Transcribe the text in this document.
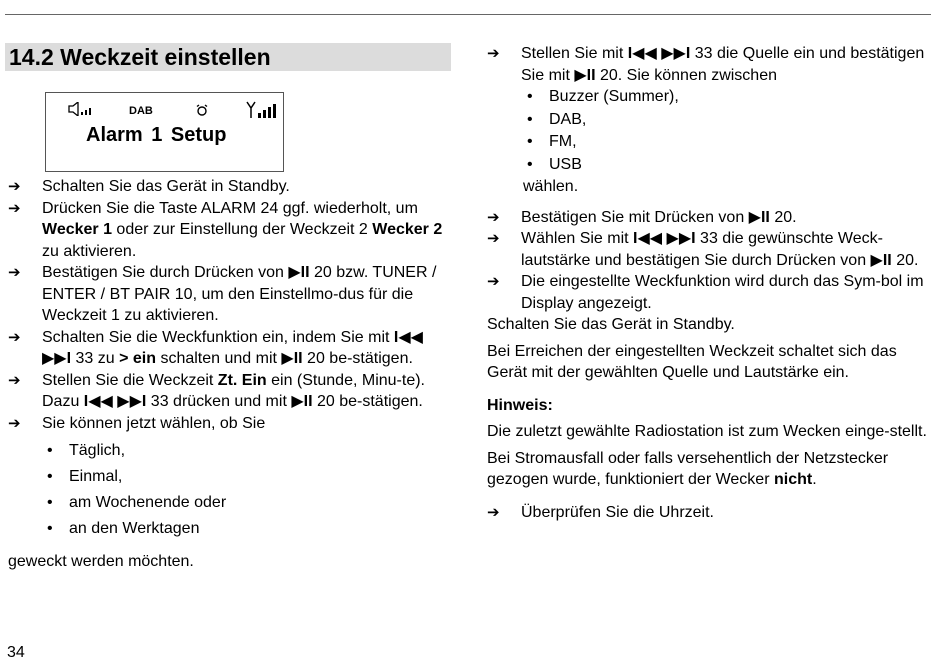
14.2 Weckzeit einstellen
DAB
Alarm 1 Setup
➔ Schalten Sie das Gerät in Standby.
➔ Drücken Sie die Taste ALARM 24 ggf. wiederholt, um Wecker 1 oder zur Einstellung der Weckzeit 2 Wecker 2 zu aktivieren.
➔ Bestätigen Sie durch Drücken von ▶II 20 bzw. TUNER / ENTER / BT PAIR 10, um den Einstellmo-dus für die Weckzeit 1 zu aktivieren.
➔ Schalten Sie die Weckfunktion ein, indem Sie mit I◀◀ ▶▶I 33 zu > ein schalten und mit ▶II 20 be-stätigen.
➔ Stellen Sie die Weckzeit Zt. Ein ein (Stunde, Minu-te). Dazu I◀◀ ▶▶I 33 drücken und mit ▶II 20 be-stätigen.
➔ Sie können jetzt wählen, ob Sie
• Täglich,
• Einmal,
• am Wochenende oder
• an den Werktagen
geweckt werden möchten.
➔ Stellen Sie mit I◀◀ ▶▶I 33 die Quelle ein und bestätigen Sie mit ▶II 20. Sie können zwischen
• Buzzer (Summer),
• DAB,
• FM,
• USB
wählen.
➔ Bestätigen Sie mit Drücken von ▶II 20.
➔ Wählen Sie mit I◀◀ ▶▶I 33 die gewünschte Weck-lautstärke und bestätigen Sie durch Drücken von ▶II 20.
➔ Die eingestellte Weckfunktion wird durch das Sym-bol im Display angezeigt.
Schalten Sie das Gerät in Standby.
Bei Erreichen der eingestellten Weckzeit schaltet sich das Gerät mit der gewählten Quelle und Lautstärke ein.
Hinweis:
Die zuletzt gewählte Radiostation ist zum Wecken einge-stellt.
Bei Stromausfall oder falls versehentlich der Netzstecker gezogen wurde, funktioniert der Wecker nicht.
➔ Überprüfen Sie die Uhrzeit.
34
